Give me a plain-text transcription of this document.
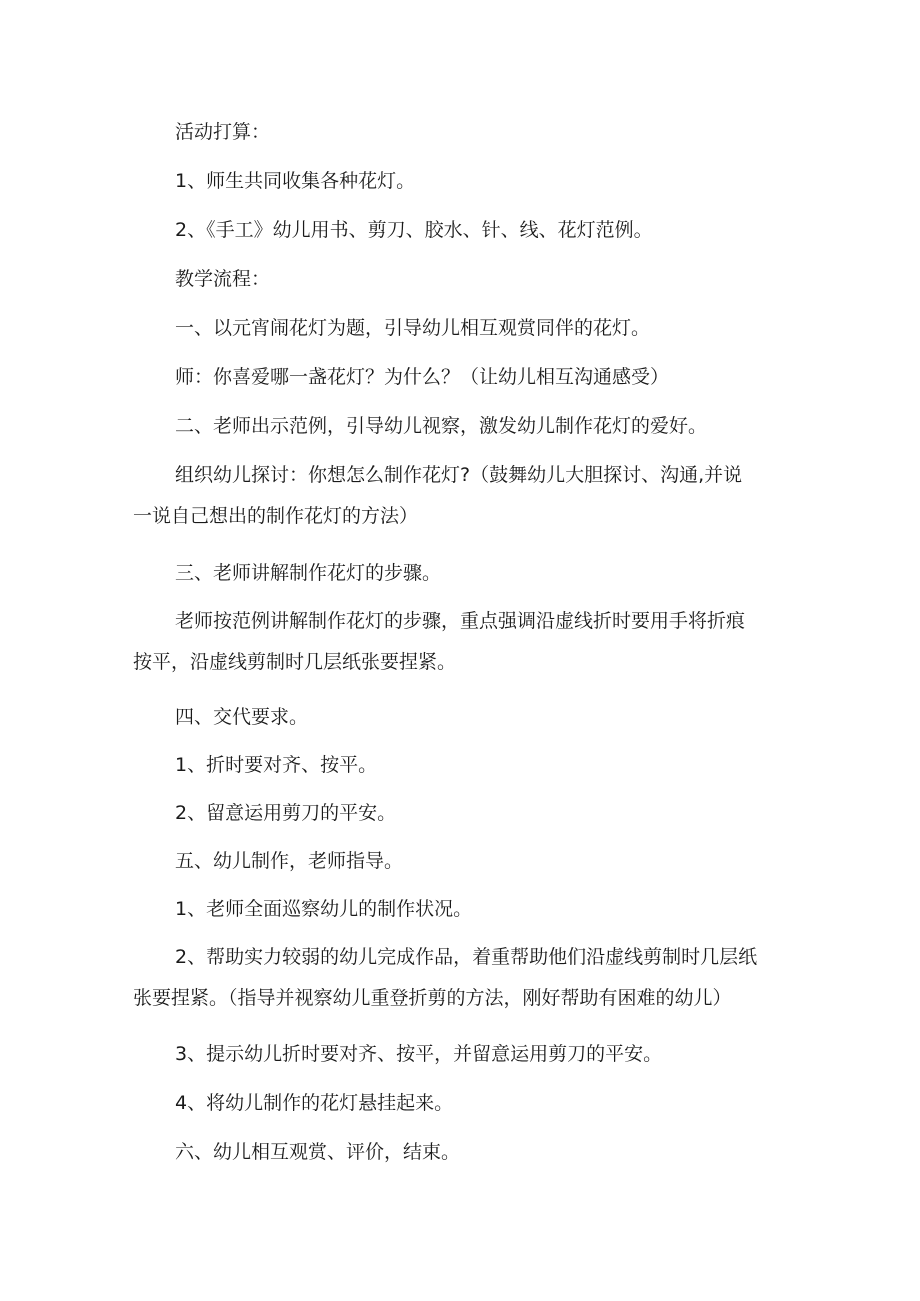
活动打算：
1、师生共同收集各种花灯。
2、《手工》幼儿用书、剪刀、胶水、针、线、花灯范例。
教学流程：
一、以元宵闹花灯为题，引导幼儿相互观赏同伴的花灯。
师：你喜爱哪一盏花灯？为什么？（让幼儿相互沟通感受）
二、老师出示范例，引导幼儿视察，激发幼儿制作花灯的爱好。
组织幼儿探讨：你想怎么制作花灯?（鼓舞幼儿大胆探讨、沟通,并说
一说自己想出的制作花灯的方法）
三、老师讲解制作花灯的步骤。
老师按范例讲解制作花灯的步骤，重点强调沿虚线折时要用手将折痕
按平，沿虚线剪制时几层纸张要捏紧。
四、交代要求。
1、折时要对齐、按平。
2、留意运用剪刀的平安。
五、幼儿制作，老师指导。
1、老师全面巡察幼儿的制作状况。
2、帮助实力较弱的幼儿完成作品，着重帮助他们沿虚线剪制时几层纸
张要捏紧。（指导并视察幼儿重登折剪的方法，刚好帮助有困难的幼儿）
3、提示幼儿折时要对齐、按平，并留意运用剪刀的平安。
4、将幼儿制作的花灯悬挂起来。
六、幼儿相互观赏、评价，结束。
